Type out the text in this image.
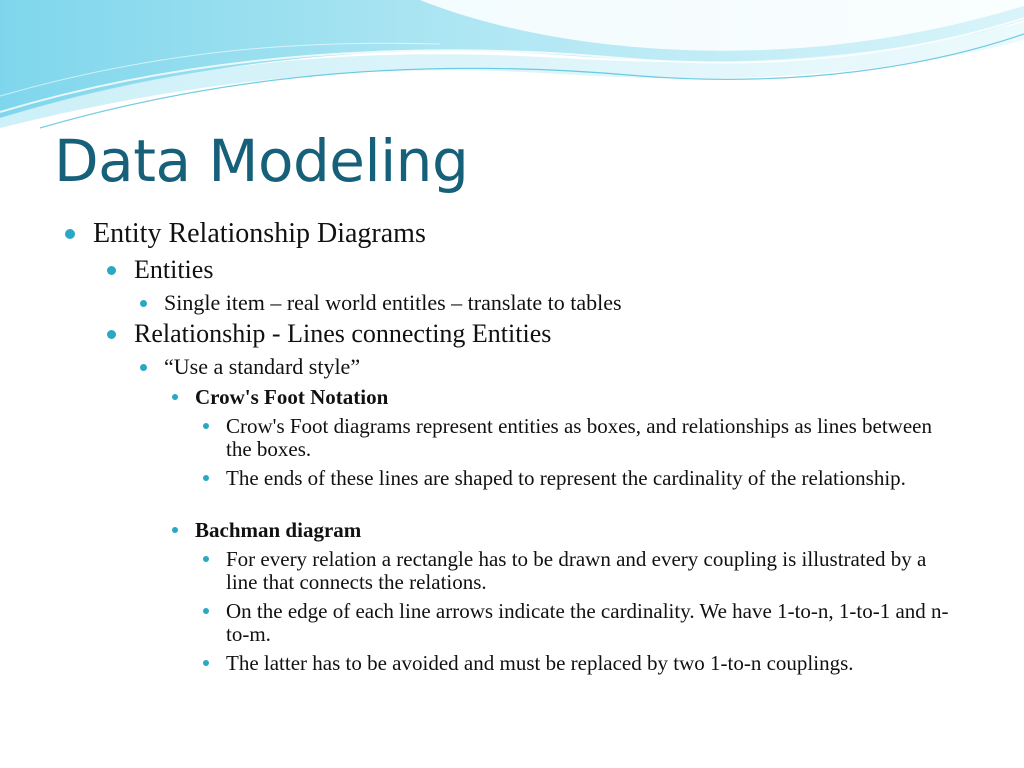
Data Modeling
Entity Relationship Diagrams
Entities
Single item – real world entitles – translate to tables
Relationship - Lines connecting Entities
“Use a standard style”
Crow's Foot Notation
Crow's Foot diagrams represent entities as boxes, and relationships as lines between the boxes.
The ends of these lines are shaped to represent the cardinality of the relationship.
Bachman diagram
For every relation a rectangle has to be drawn and every coupling is illustrated by a line that connects the relations.
On the edge of each line arrows indicate the cardinality. We have 1-to-n, 1-to-1 and n-to-m.
The latter has to be avoided and must be replaced by two 1-to-n couplings.
